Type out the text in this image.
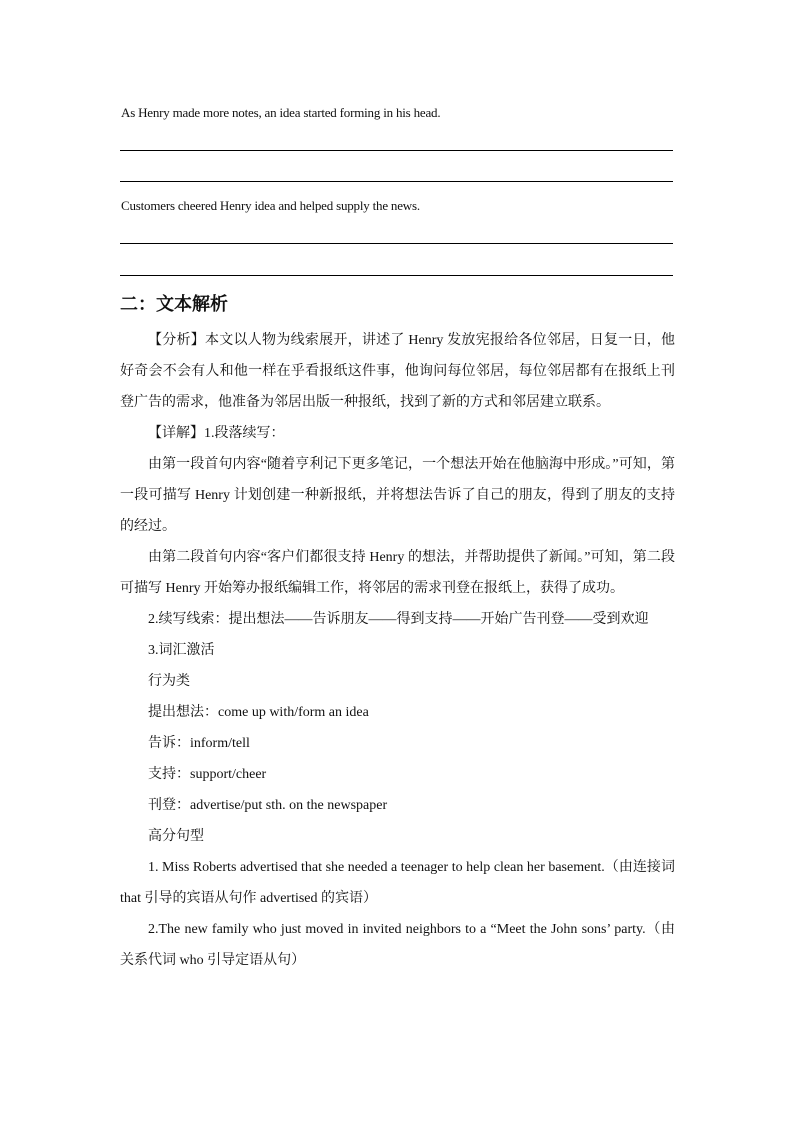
As Henry made more notes, an idea started forming in his head.
Customers cheered Henry idea and helped supply the news.
二：文本解析

【分析】本文以人物为线索展开，讲述了 Henry 发放宪报给各位邻居，日复一日，他好奇会不会有人和他一样在乎看报纸这件事，他询问每位邻居，每位邻居都有在报纸上刊登广告的需求，他准备为邻居出版一种报纸，找到了新的方式和邻居建立联系。

【详解】1.段落续写：

由第一段首句内容“随着亨利记下更多笔记，一个想法开始在他脑海中形成。”可知，第一段可描写 Henry 计划创建一种新报纸，并将想法告诉了自己的朋友，得到了朋友的支持的经过。

由第二段首句内容“客户们都很支持 Henry 的想法，并帮助提供了新闻。”可知，第二段可描写 Henry 开始筹办报纸编辑工作，将邻居的需求刊登在报纸上，获得了成功。

2.续写线索：提出想法——告诉朋友——得到支持——开始广告刊登——受到欢迎

3.词汇激活

行为类

提出想法：come up with/form an idea

告诉：inform/tell

支持：support/cheer

刊登：advertise/put sth. on the newspaper

高分句型

1. Miss Roberts advertised that she needed a teenager to help clean her basement.（由连接词 that 引导的宾语从句作 advertised 的宾语）

2.The new family who just moved in invited neighbors to a “Meet the John sons’ party.（由关系代词 who 引导定语从句）
